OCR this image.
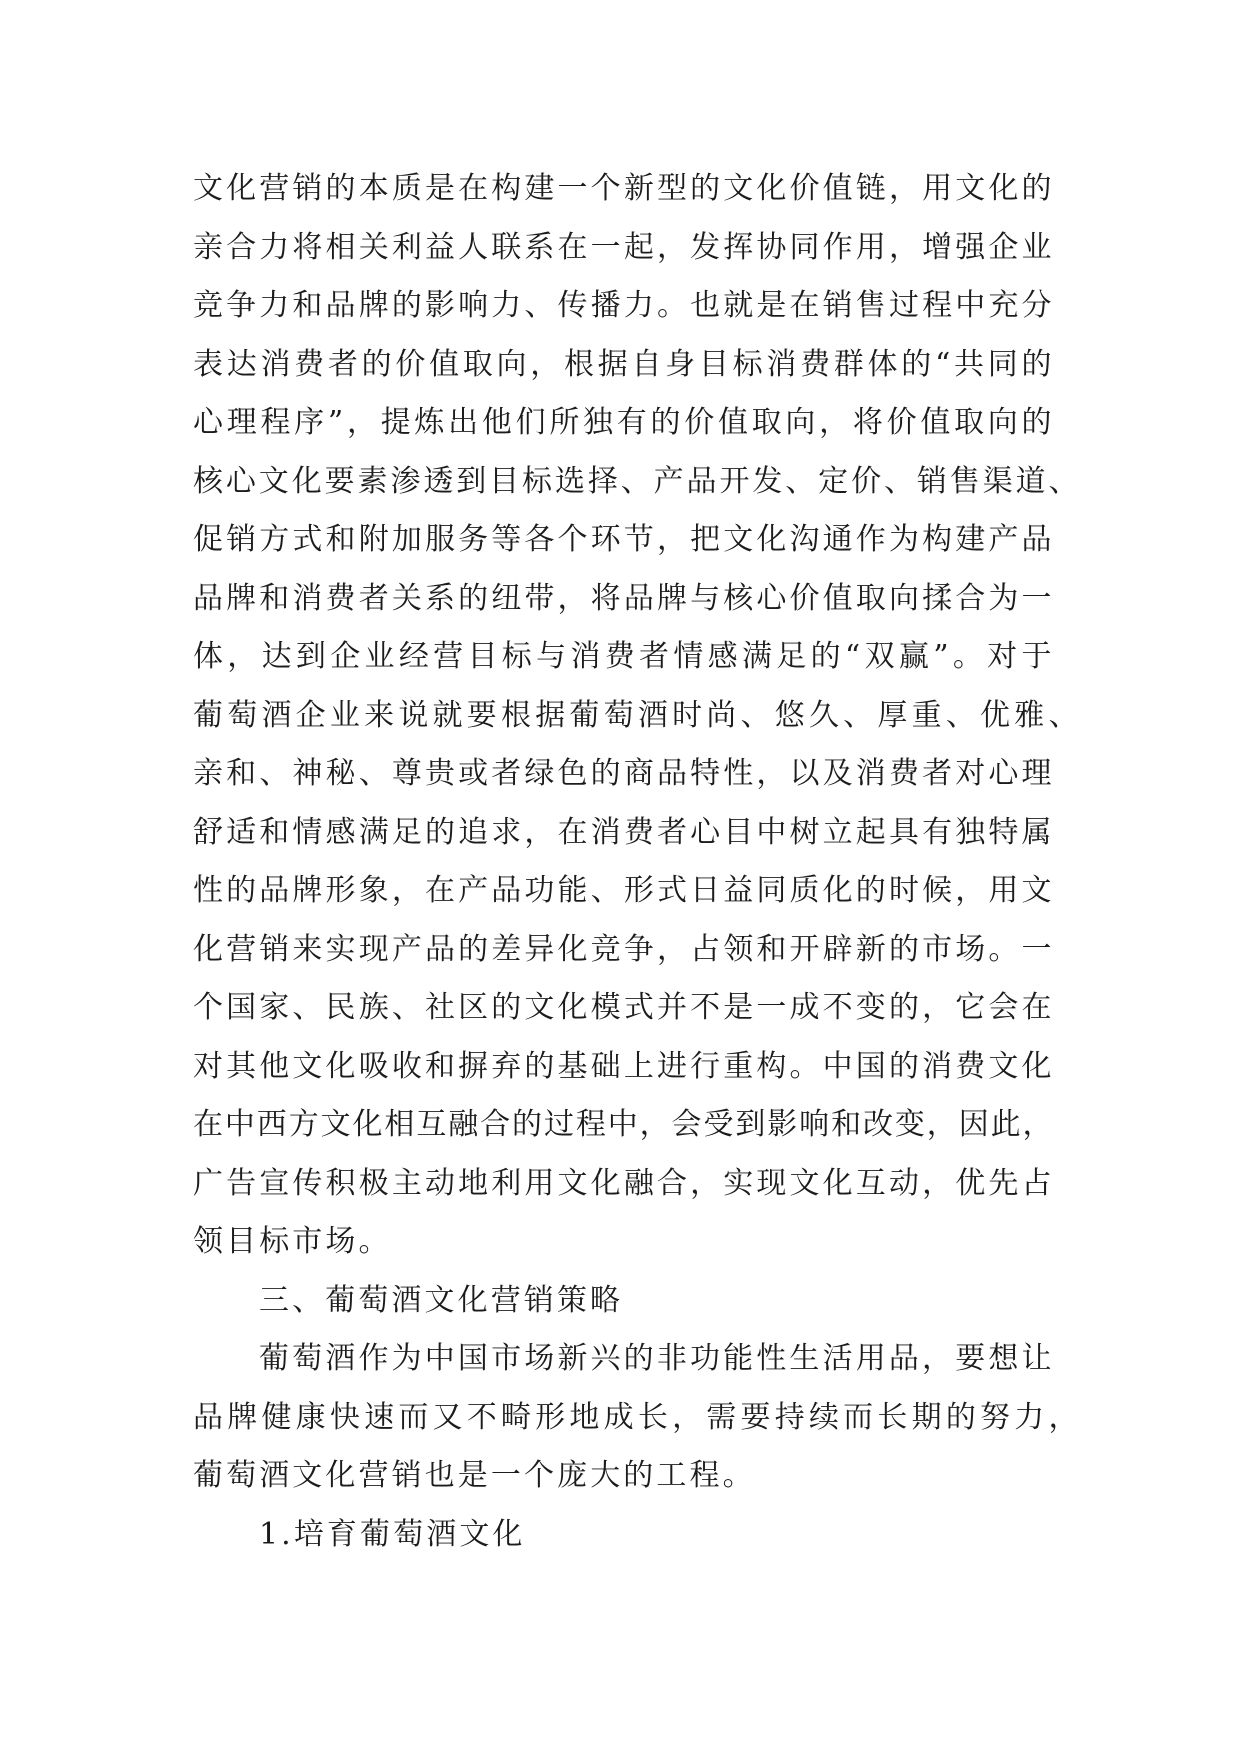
文化营销的本质是在构建一个新型的文化价值链，用文化的
亲合力将相关利益人联系在一起，发挥协同作用，增强企业
竞争力和品牌的影响力、传播力。也就是在销售过程中充分
表达消费者的价值取向，根据自身目标消费群体的“共同的
心理程序”，提炼出他们所独有的价值取向，将价值取向的
核心文化要素渗透到目标选择、产品开发、定价、销售渠道、
促销方式和附加服务等各个环节，把文化沟通作为构建产品
品牌和消费者关系的纽带，将品牌与核心价值取向揉合为一
体，达到企业经营目标与消费者情感满足的“双赢”。对于
葡萄酒企业来说就要根据葡萄酒时尚、悠久、厚重、优雅、
亲和、神秘、尊贵或者绿色的商品特性，以及消费者对心理
舒适和情感满足的追求，在消费者心目中树立起具有独特属
性的品牌形象，在产品功能、形式日益同质化的时候，用文
化营销来实现产品的差异化竞争，占领和开辟新的市场。一
个国家、民族、社区的文化模式并不是一成不变的，它会在
对其他文化吸收和摒弃的基础上进行重构。中国的消费文化
在中西方文化相互融合的过程中，会受到影响和改变，因此，
广告宣传积极主动地利用文化融合，实现文化互动，优先占
领目标市场。
三、葡萄酒文化营销策略
葡萄酒作为中国市场新兴的非功能性生活用品，要想让
品牌健康快速而又不畸形地成长，需要持续而长期的努力，
葡萄酒文化营销也是一个庞大的工程。
1.培育葡萄酒文化
